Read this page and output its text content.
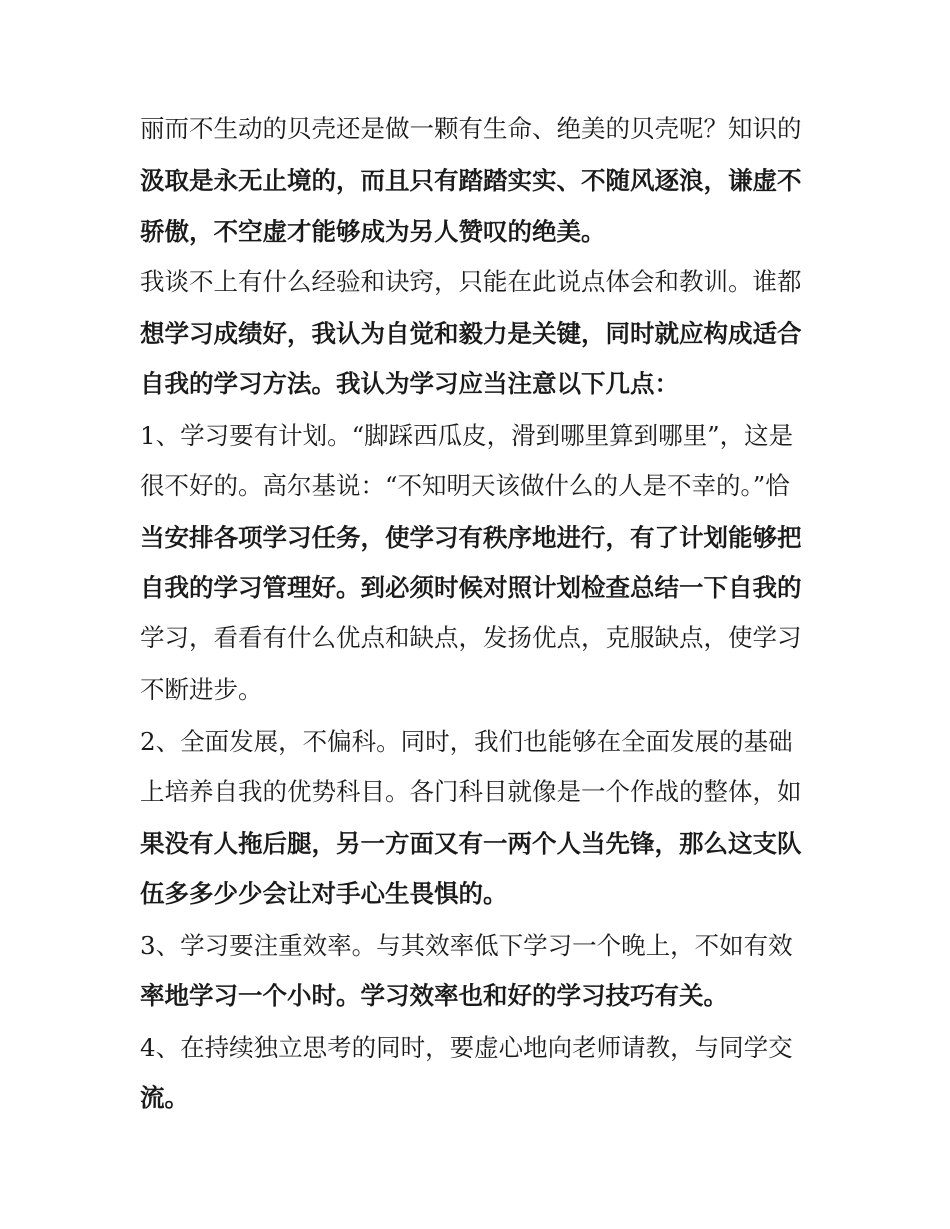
丽而不生动的贝壳还是做一颗有生命、绝美的贝壳呢？知识的
汲取是永无止境的，而且只有踏踏实实、不随风逐浪，谦虚不
骄傲，不空虚才能够成为另人赞叹的绝美。
我谈不上有什么经验和诀窍，只能在此说点体会和教训。谁都
想学习成绩好，我认为自觉和毅力是关键，同时就应构成适合
自我的学习方法。我认为学习应当注意以下几点：
1、学习要有计划。“脚踩西瓜皮，滑到哪里算到哪里”，这是
很不好的。高尔基说：“不知明天该做什么的人是不幸的。”恰
当安排各项学习任务，使学习有秩序地进行，有了计划能够把
自我的学习管理好。到必须时候对照计划检查总结一下自我的
学习，看看有什么优点和缺点，发扬优点，克服缺点，使学习
不断进步。
2、全面发展，不偏科。同时，我们也能够在全面发展的基础
上培养自我的优势科目。各门科目就像是一个作战的整体，如
果没有人拖后腿，另一方面又有一两个人当先锋，那么这支队
伍多多少少会让对手心生畏惧的。
3、学习要注重效率。与其效率低下学习一个晚上，不如有效
率地学习一个小时。学习效率也和好的学习技巧有关。
4、在持续独立思考的同时，要虚心地向老师请教，与同学交
流。
